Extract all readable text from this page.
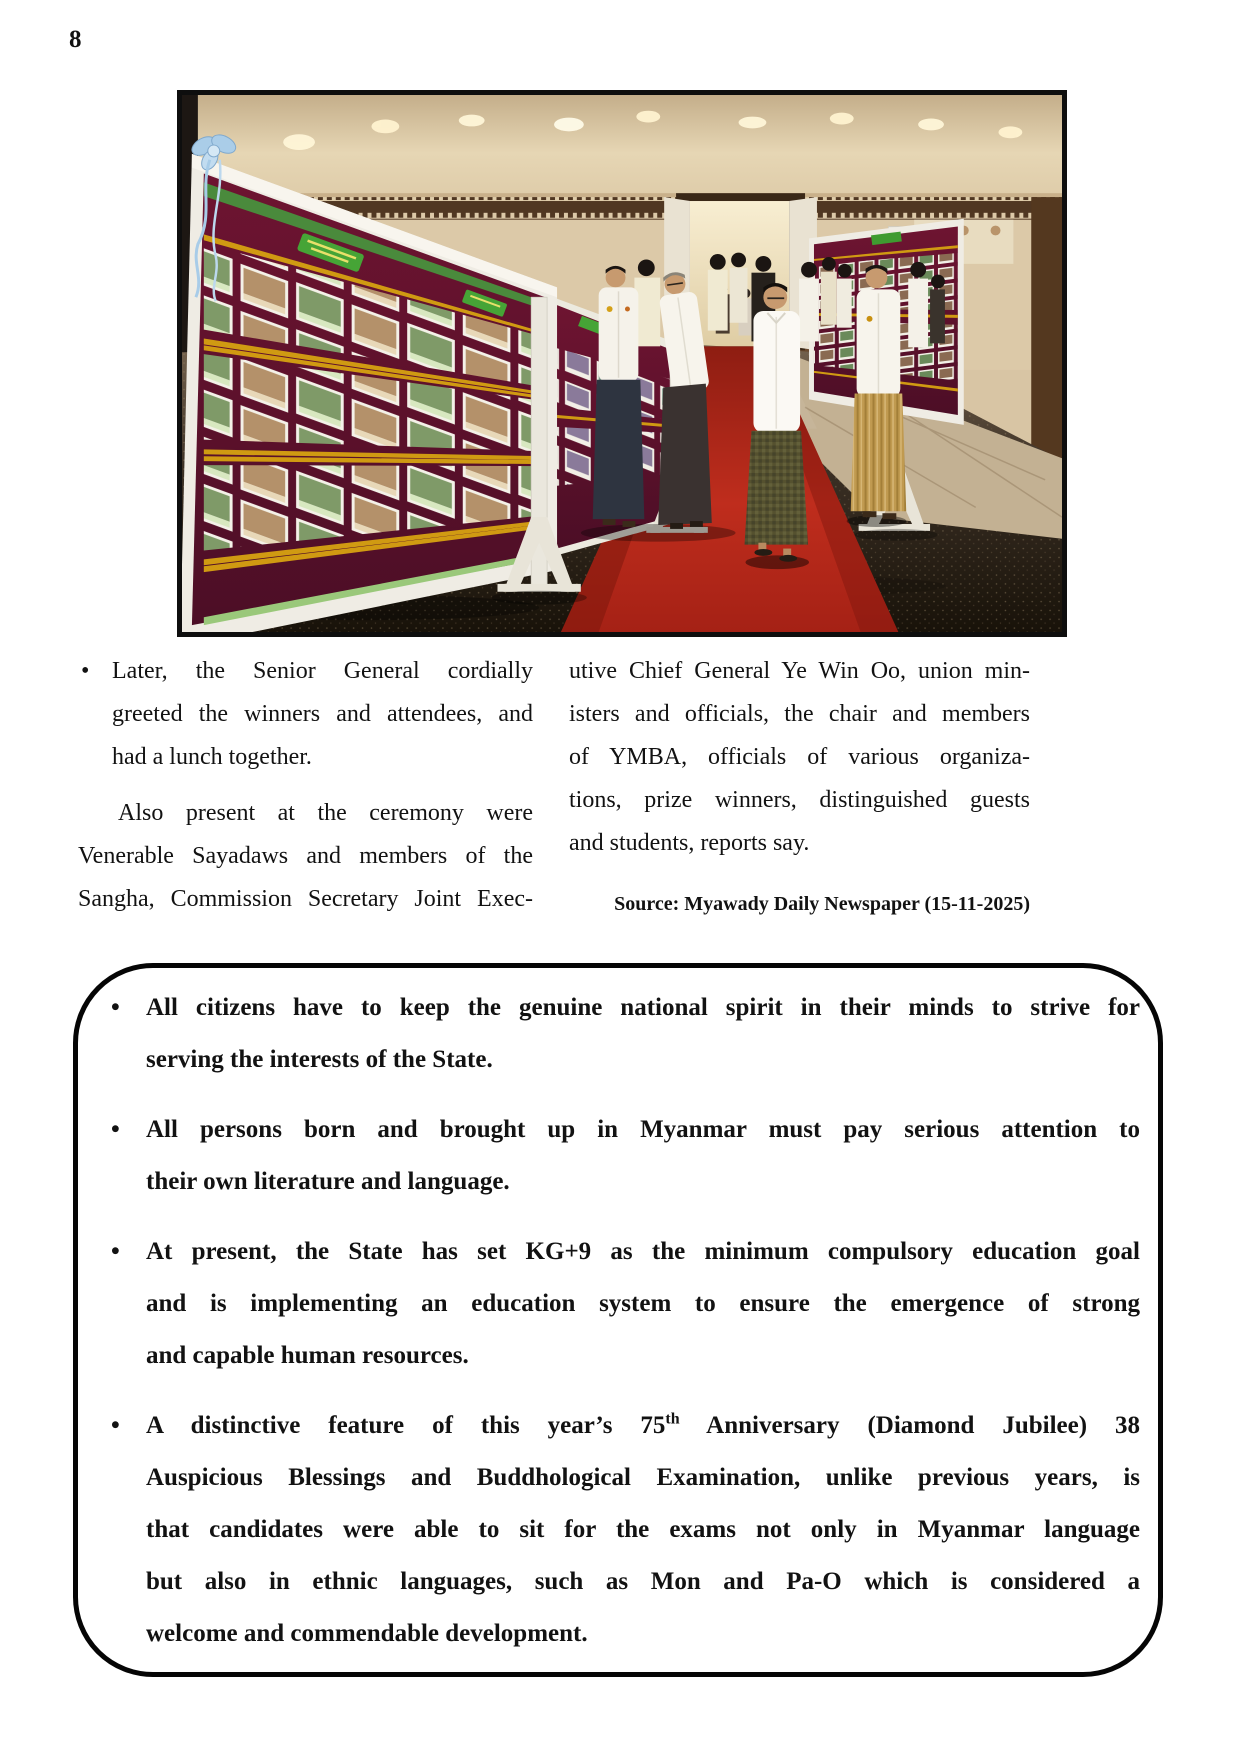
8
• Later, the Senior General cordially
greeted the winners and attendees, and
had a lunch together.
Also present at the ceremony were
Venerable Sayadaws and members of the
Sangha, Commission Secretary Joint Exec-
utive Chief General Ye Win Oo, union min-
isters and officials, the chair and members
of YMBA, officials of various organiza-
tions, prize winners, distinguished guests
and students, reports say.
Source: Myawady Daily Newspaper (15-11-2025)
• All citizens have to keep the genuine national spirit in their minds to strive for
serving the interests of the State.
• All persons born and brought up in Myanmar must pay serious attention to
their own literature and language.
• At present, the State has set KG+9 as the minimum compulsory education goal
and is implementing an education system to ensure the emergence of strong
and capable human resources.
• A distinctive feature of this year’s 75th Anniversary (Diamond Jubilee) 38
Auspicious Blessings and Buddhological Examination, unlike previous years, is
that candidates were able to sit for the exams not only in Myanmar language
but also in ethnic languages, such as Mon and Pa-O which is considered a
welcome and commendable development.
